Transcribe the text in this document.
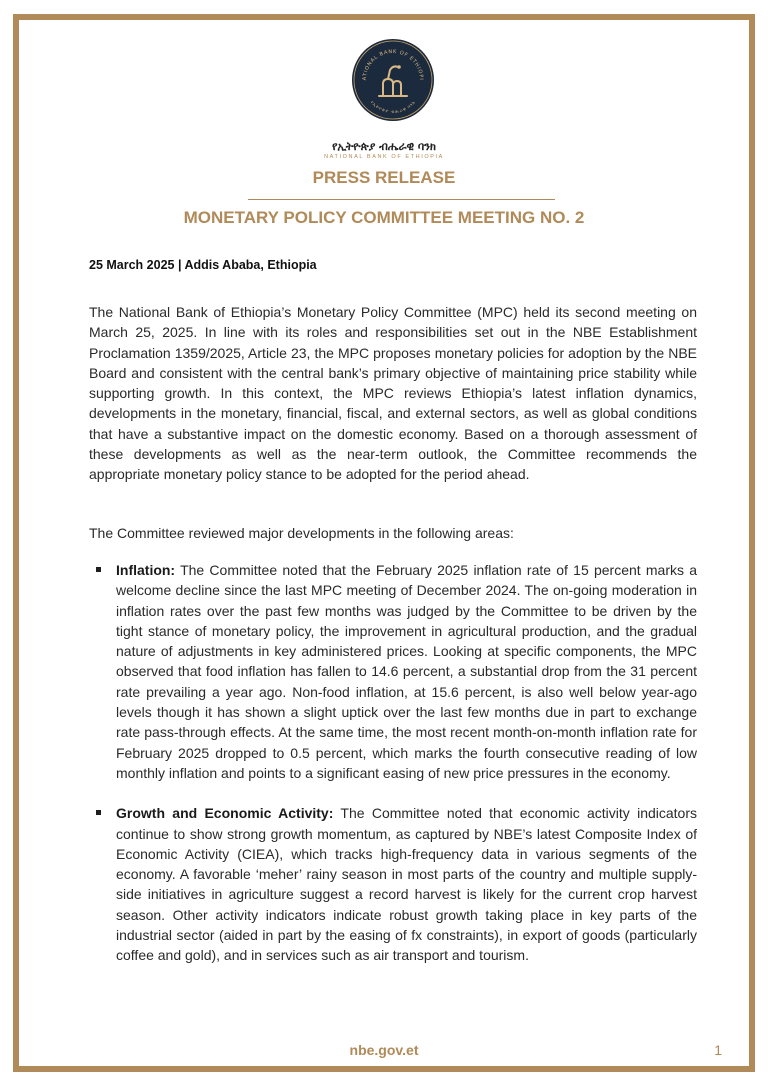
ATIONAL BANK OF ETHIOPI
የኢትዮጵያ ብሔራዊ ባንክ
የኢትዮጵያ ብሔራዊ ባንክ
NATIONAL BANK OF ETHIOPIA
PRESS RELEASE
MONETARY POLICY COMMITTEE MEETING NO. 2
25 March 2025 | Addis Ababa, Ethiopia

The National Bank of Ethiopia’s Monetary Policy Committee (MPC) held its second meeting on March 25, 2025. In line with its roles and responsibilities set out in the NBE Establishment Proclamation 1359/2025, Article 23, the MPC proposes monetary policies for adoption by the NBE Board and consistent with the central bank’s primary objective of maintaining price stability while supporting growth. In this context, the MPC reviews Ethiopia’s latest inflation dynamics, developments in the monetary, financial, fiscal, and external sectors, as well as global conditions that have a substantive impact on the domestic economy. Based on a thorough assessment of these developments as well as the near-term outlook, the Committee recommends the appropriate monetary policy stance to be adopted for the period ahead.

The Committee reviewed major developments in the following areas:

Inflation: The Committee noted that the February 2025 inflation rate of 15 percent marks a welcome decline since the last MPC meeting of December 2024. The on-going moderation in inflation rates over the past few months was judged by the Committee to be driven by the tight stance of monetary policy, the improvement in agricultural production, and the gradual nature of adjustments in key administered prices. Looking at specific components, the MPC observed that food inflation has fallen to 14.6 percent, a substantial drop from the 31 percent rate prevailing a year ago. Non-food inflation, at 15.6 percent, is also well below year-ago levels though it has shown a slight uptick over the last few months due in part to exchange rate pass-through effects. At the same time, the most recent month-on-month inflation rate for February 2025 dropped to 0.5 percent, which marks the fourth consecutive reading of low monthly inflation and points to a significant easing of new price pressures in the economy.
Growth and Economic Activity: The Committee noted that economic activity indicators continue to show strong growth momentum, as captured by NBE’s latest Composite Index of Economic Activity (CIEA), which tracks high-frequency data in various segments of the economy. A favorable ‘meher’ rainy season in most parts of the country and multiple supply-side initiatives in agriculture suggest a record harvest is likely for the current crop harvest season. Other activity indicators indicate robust growth taking place in key parts of the industrial sector (aided in part by the easing of fx constraints), in export of goods (particularly coffee and gold), and in services such as air transport and tourism.
nbe.gov.et	1
